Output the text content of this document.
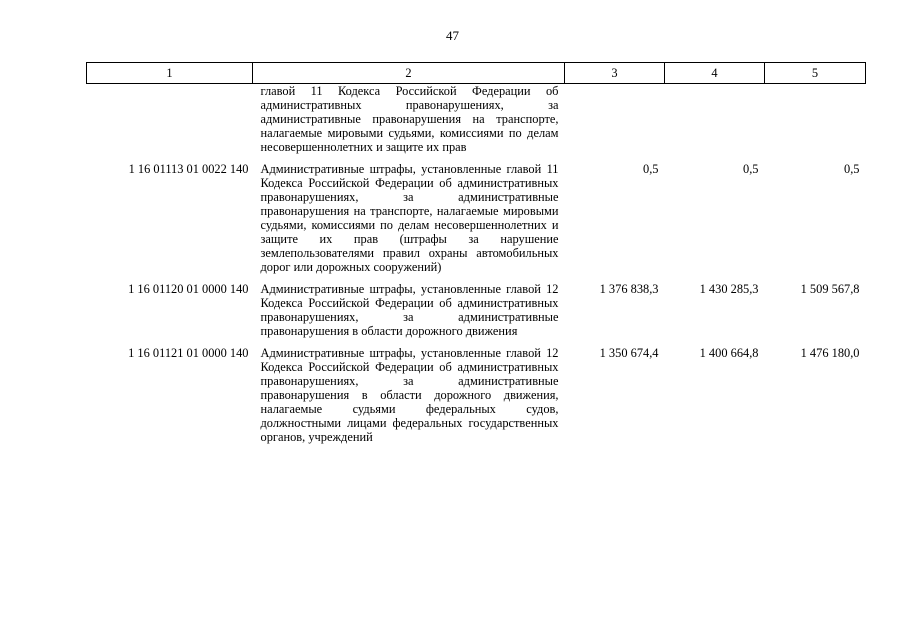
47
1	2	3	4	5
	главой 11 Кодекса Российской Федерации об административных правонарушениях, за административные правонарушения на транспорте, налагаемые мировыми судьями, комиссиями по делам несовершеннолетних и защите их прав			
1 16 01113 01 0022 140	Административные штрафы, установленные главой 11 Кодекса Российской Федерации об административных правонарушениях, за административные правонарушения на транспорте, налагаемые мировыми судьями, комиссиями по делам несовершеннолетних и защите их прав (штрафы за нарушение землепользователями правил охраны автомобильных дорог или дорожных сооружений)	0,5	0,5	0,5
1 16 01120 01 0000 140	Административные штрафы, установленные главой 12 Кодекса Российской Федерации об административных правонарушениях, за административные правонарушения в области дорожного движения	1 376 838,3	1 430 285,3	1 509 567,8
1 16 01121 01 0000 140	Административные штрафы, установленные главой 12 Кодекса Российской Федерации об административных правонарушениях, за административные правонарушения в области дорожного движения, налагаемые судьями федеральных судов, должностными лицами федеральных государственных органов, учреждений	1 350 674,4	1 400 664,8	1 476 180,0
